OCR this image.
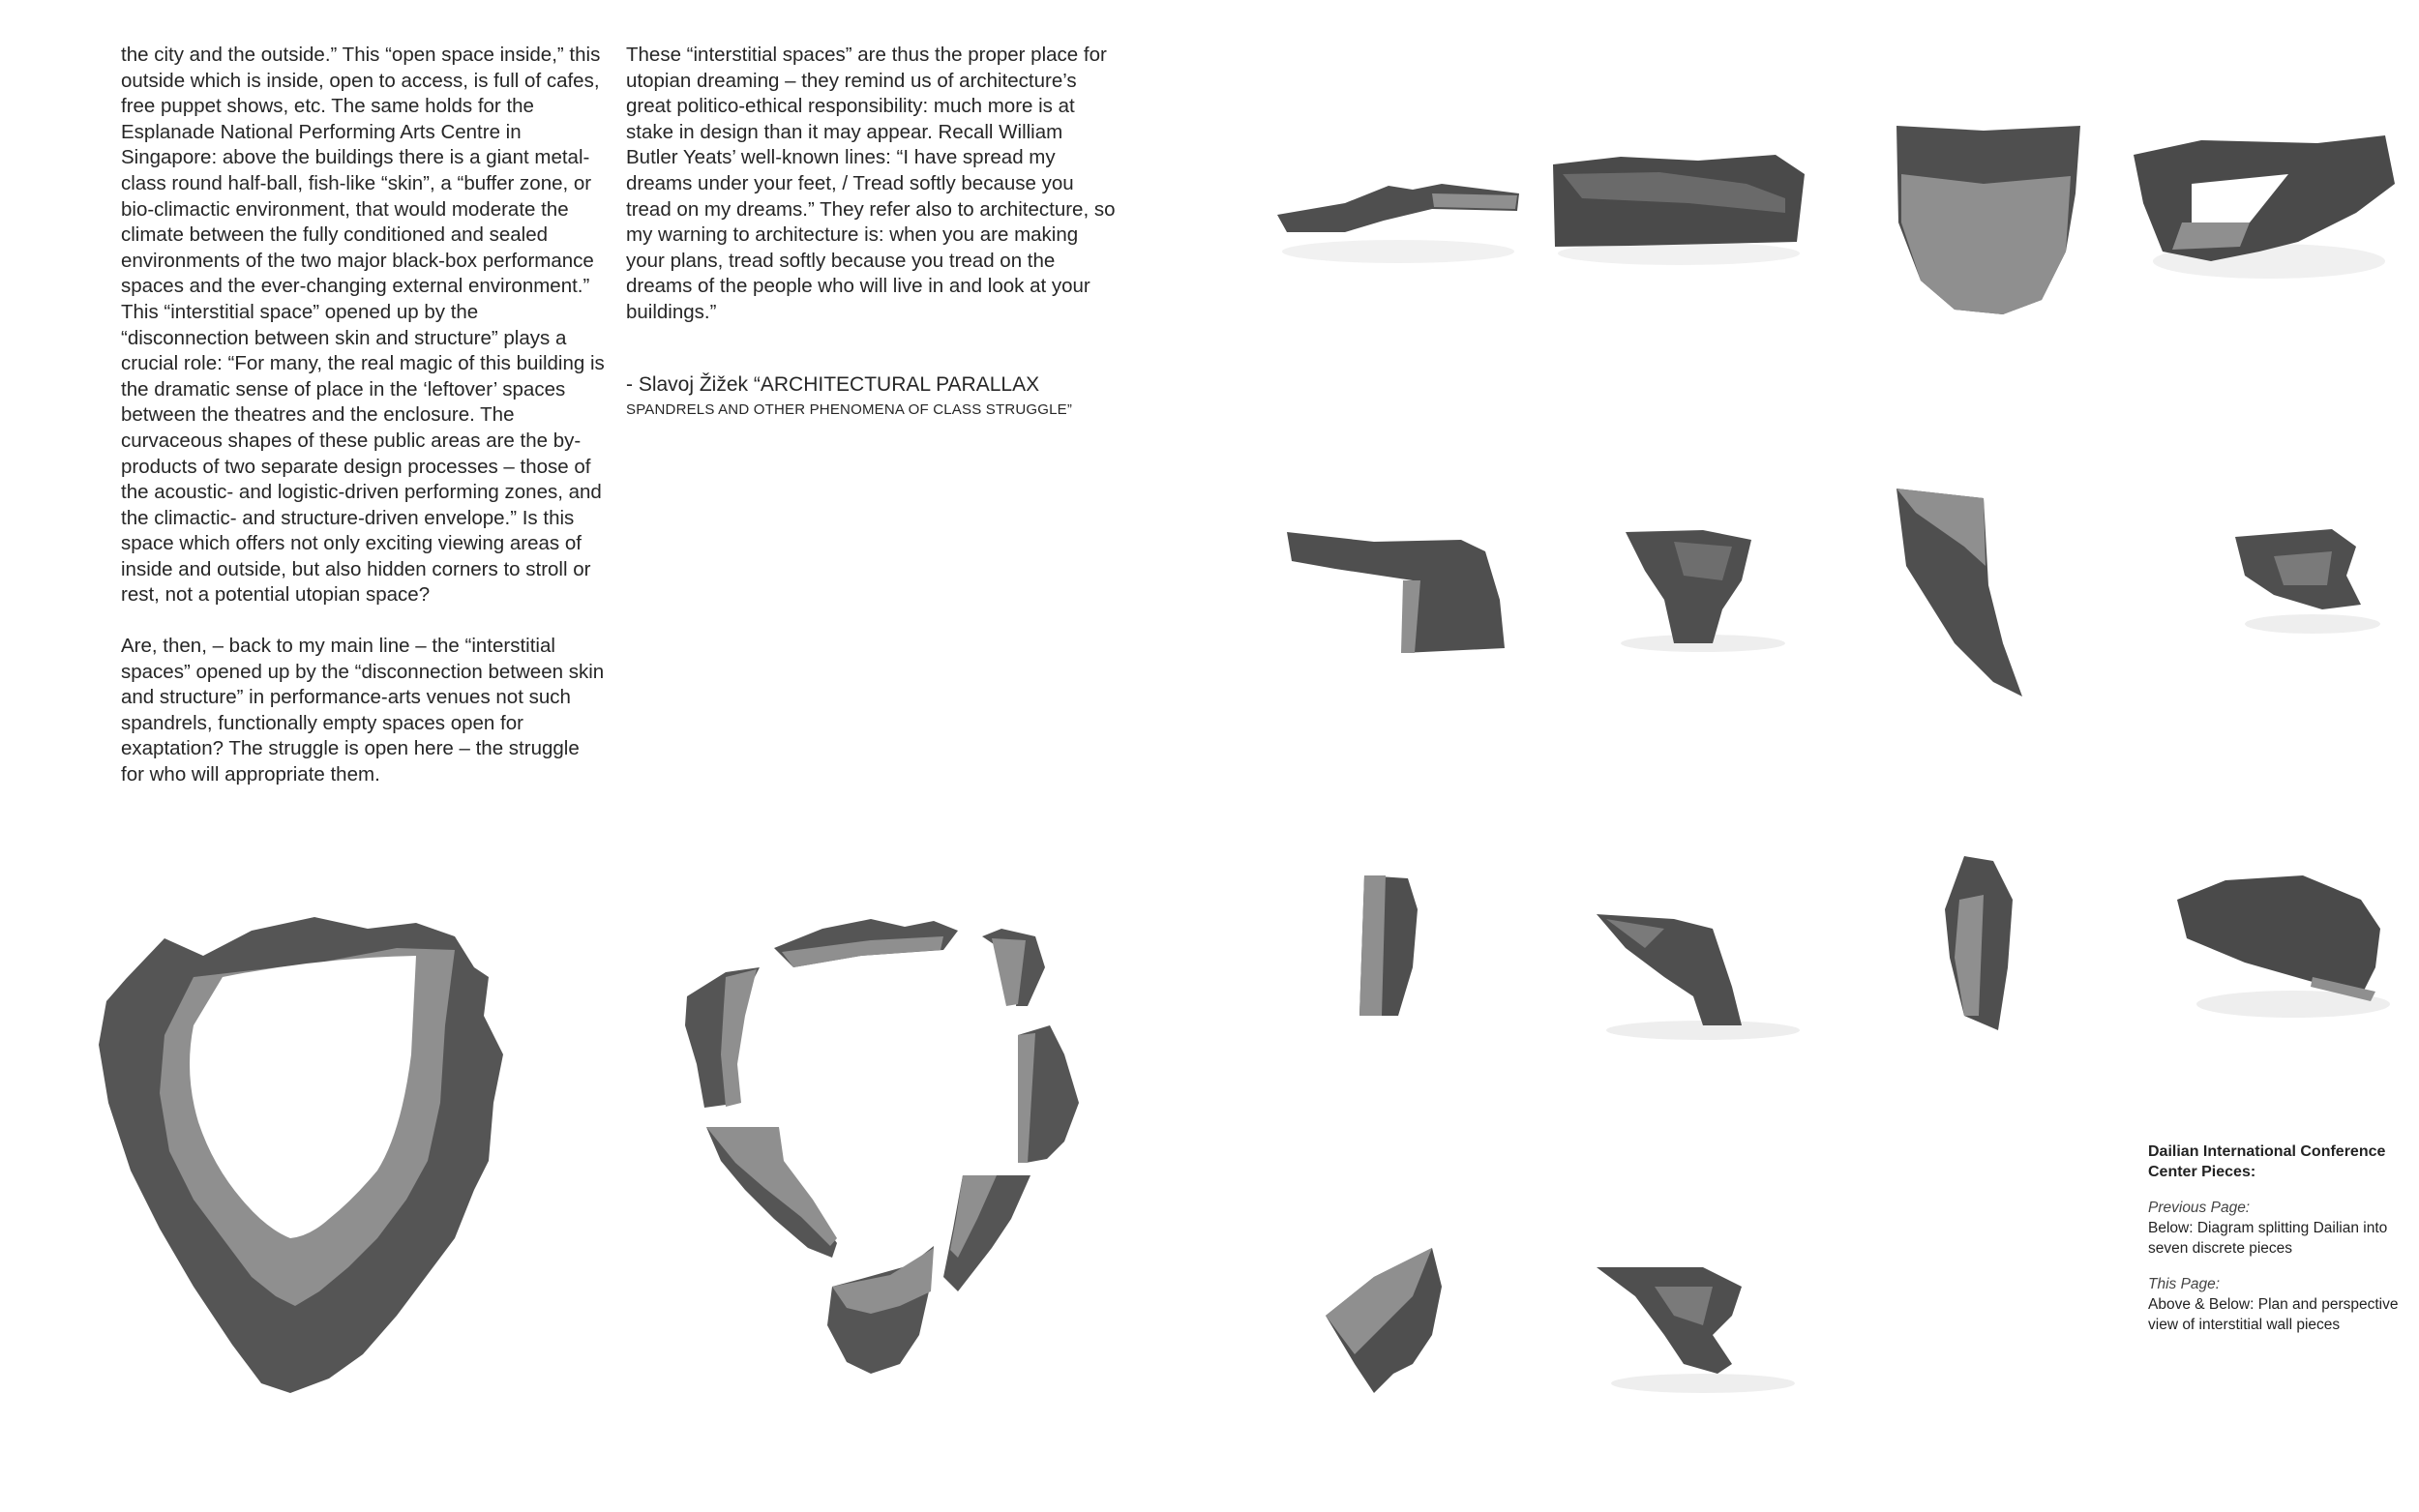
the city and the outside.” This “open space inside,” this outside which is inside, open to access, is full of cafes, free puppet shows, etc. The same holds for the Esplanade National Performing Arts Centre in Singapore: above the buildings there is a giant metal-class round half-ball, fish-like “skin”, a “buffer zone, or bio-climactic environment, that would moderate the climate between the fully conditioned and sealed environments of the two major black-box performance spaces and the ever-changing external environment.” This “interstitial space” opened up by the “disconnection between skin and structure” plays a crucial role: “For many, the real magic of this building is the dramatic sense of place in the ‘leftover’ spaces between the theatres and the enclosure. The curvaceous shapes of these public areas are the by-products of two separate design processes – those of the acoustic- and logistic-driven performing zones, and the climactic- and structure-driven envelope.” Is this space which offers not only exciting viewing areas of inside and outside, but also hidden corners to stroll or rest, not a potential utopian space?

Are, then, – back to my main line – the “interstitial spaces” opened up by the “disconnection between skin and structure” in performance-arts venues not such spandrels, functionally empty spaces open for exaptation? The struggle is open here – the struggle for who will appropriate them.

These “interstitial spaces” are thus the proper place for utopian dreaming – they remind us of architecture’s great politico-ethical responsibility: much more is at stake in design than it may appear. Recall William Butler Yeats’ well-known lines: “I have spread my dreams under your feet, / Tread softly because you tread on my dreams.” They refer also to architecture, so my warning to architecture is: when you are making your plans, tread softly because you tread on the dreams of the people who will live in and look at your buildings.”

- Slavoj Žižek “ARCHITECTURAL PARALLAX
SPANDRELS AND OTHER PHENOMENA OF CLASS STRUGGLE”
Dailian International Conference Center Pieces:
Previous Page:
Below: Diagram splitting Dailian into seven discrete pieces
This Page:
Above & Below: Plan and perspective view of interstitial wall pieces
